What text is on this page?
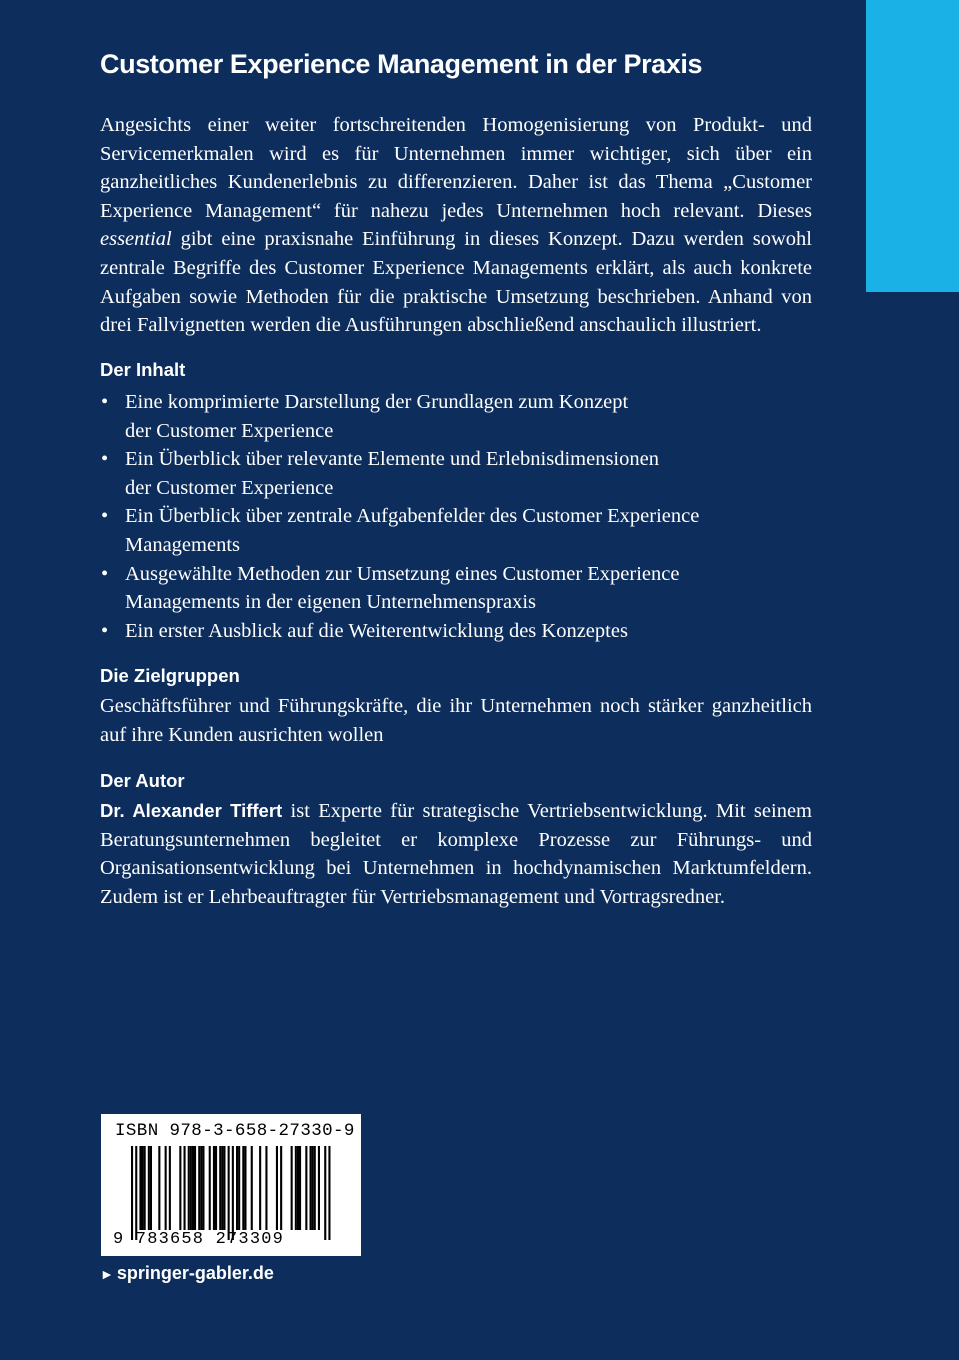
Customer Experience Management in der Praxis

Angesichts einer weiter fortschreitenden Homogenisierung von Produkt- und Servicemerkmalen wird es für Unternehmen immer wichtiger, sich über ein ganzheitliches Kundenerlebnis zu differenzieren. Daher ist das Thema „Customer Experience Management“ für nahezu jedes Unternehmen hoch relevant. Dieses essential gibt eine praxisnahe Einführung in dieses Konzept. Dazu werden sowohl zentrale Begriffe des Customer Experience Managements erklärt, als auch konkrete Aufgaben sowie Methoden für die praktische Umsetzung beschrieben. Anhand von drei Fallvignetten werden die Ausführungen abschließend anschaulich illustriert.

Der Inhalt
• Eine komprimierte Darstellung der Grundlagen zum Konzept
der Customer Experience
• Ein Überblick über relevante Elemente und Erlebnisdimensionen
der Customer Experience
• Ein Überblick über zentrale Aufgabenfelder des Customer Experience
Managements
• Ausgewählte Methoden zur Umsetzung eines Customer Experience
Managements in der eigenen Unternehmenspraxis
• Ein erster Ausblick auf die Weiterentwicklung des Konzeptes
Die Zielgruppen

Geschäftsführer und Führungskräfte, die ihr Unternehmen noch stärker ganzheitlich auf ihre Kunden ausrichten wollen

Der Autor

Dr. Alexander Tiffert ist Experte für strategische Vertriebsentwicklung. Mit seinem Beratungsunternehmen begleitet er komplexe Prozesse zur Führungs- und Organisationsentwicklung bei Unternehmen in hochdynamischen Marktumfeldern. Zudem ist er Lehrbeauftragter für Vertriebsmanagement und Vortragsredner.

ISBN 978-3-658-27330-9
9 783658 273309
► springer-gabler.de
